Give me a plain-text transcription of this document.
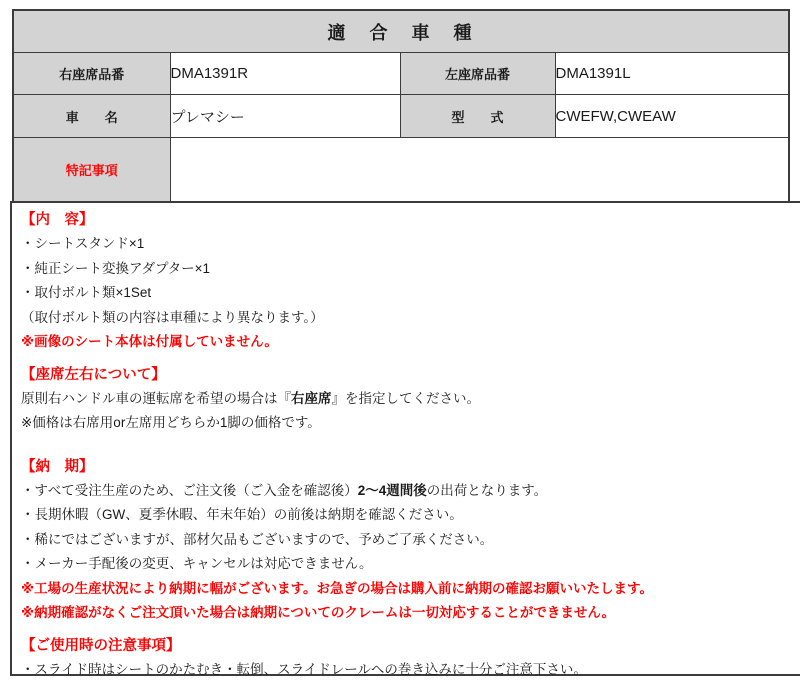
適　合　車　種			
右座席品番	DMA1391R	左座席品番	DMA1391L
車　　名	プレマシー	型　　式	CWEFW,CWEAW
特記事項			
【内　容】
・シートスタンド×1
・純正シート変換アダプター×1
・取付ボルト類×1Set
（取付ボルト類の内容は車種により異なります。）
※画像のシート本体は付属していません。
【座席左右について】
原則右ハンドル車の運転席を希望の場合は『右座席』を指定してください。
※価格は右席用or左席用どちらか1脚の価格です。
【納　期】
・すべて受注生産のため、ご注文後（ご入金を確認後）2～4週間後の出荷となります。
・長期休暇（GW、夏季休暇、年末年始）の前後は納期を確認ください。
・稀にではございますが、部材欠品もございますので、予めご了承ください。
・メーカー手配後の変更、キャンセルは対応できません。
※工場の生産状況により納期に幅がございます。お急ぎの場合は購入前に納期の確認お願いいたします。
※納期確認がなくご注文頂いた場合は納期についてのクレームは一切対応することができません。
【ご使用時の注意事項】
・スライド時はシートのかたむき・転倒、スライドレールへの巻き込みに十分ご注意下さい。
